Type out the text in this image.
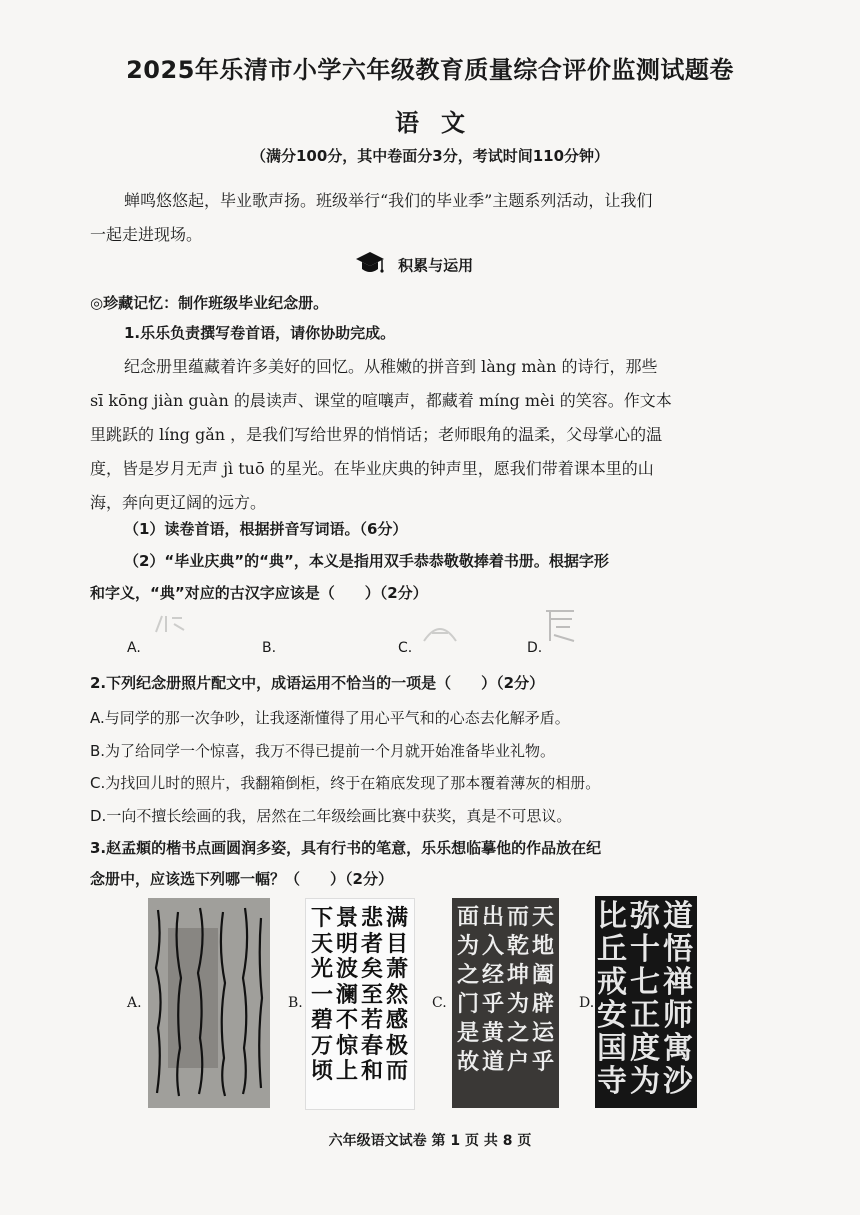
2025年乐清市小学六年级教育质量综合评价监测试题卷
语文
（满分100分，其中卷面分3分，考试时间110分钟）
蝉鸣悠悠起，毕业歌声扬。班级举行“我们的毕业季”主题系列活动，让我们
一起走进现场。
积累与运用
◎珍藏记忆：制作班级毕业纪念册。
1.乐乐负责撰写卷首语，请你协助完成。
纪念册里蕴藏着许多美好的回忆。从稚嫩的拼音到 làng màn 的诗行，那些
sī kōng jiàn guàn 的晨读声、课堂的喧嚷声，都藏着 míng mèi 的笑容。作文本
里跳跃的 líng gǎn ，是我们写给世界的悄悄话；老师眼角的温柔，父母掌心的温
度，皆是岁月无声 jì tuō 的星光。在毕业庆典的钟声里，愿我们带着课本里的山
海，奔向更辽阔的远方。
（1）读卷首语，根据拼音写词语。（6分）
（2）“毕业庆典”的“典”，本义是指用双手恭恭敬敬捧着书册。根据字形
和字义，“典”对应的古汉字应该是（　　）（2分）
A.	B.	C.	D.
2.下列纪念册照片配文中，成语运用不恰当的一项是（　　）（2分）
A.与同学的那一次争吵，让我逐渐懂得了用心平气和的心态去化解矛盾。
B.为了给同学一个惊喜，我万不得已提前一个月就开始准备毕业礼物。
C.为找回儿时的照片，我翻箱倒柜，终于在箱底发现了那本覆着薄灰的相册。
D.一向不擅长绘画的我，居然在二年级绘画比赛中获奖，真是不可思议。
3.赵孟頫的楷书点画圆润多姿，具有行书的笔意，乐乐想临摹他的作品放在纪
念册中，应该选下列哪一幅？（　　）（2分）
A.	B.
满
目
萧
然
感
极
而
悲
者
矣
至
若
春
和
景
明
波
澜
不
惊
上
下
天
光
一
碧
万
顷
C.
天
地
阖
辟
运
乎
而
乾
坤
为
之
户
出
入
经
乎
黄
道
面
为
之
门
是
故
D.
道
悟
禅
师
寓
沙
弥
十
七
正
度
为
比
丘
戒
安
国
寺
六年级语文试卷 第 1 页 共 8 页
